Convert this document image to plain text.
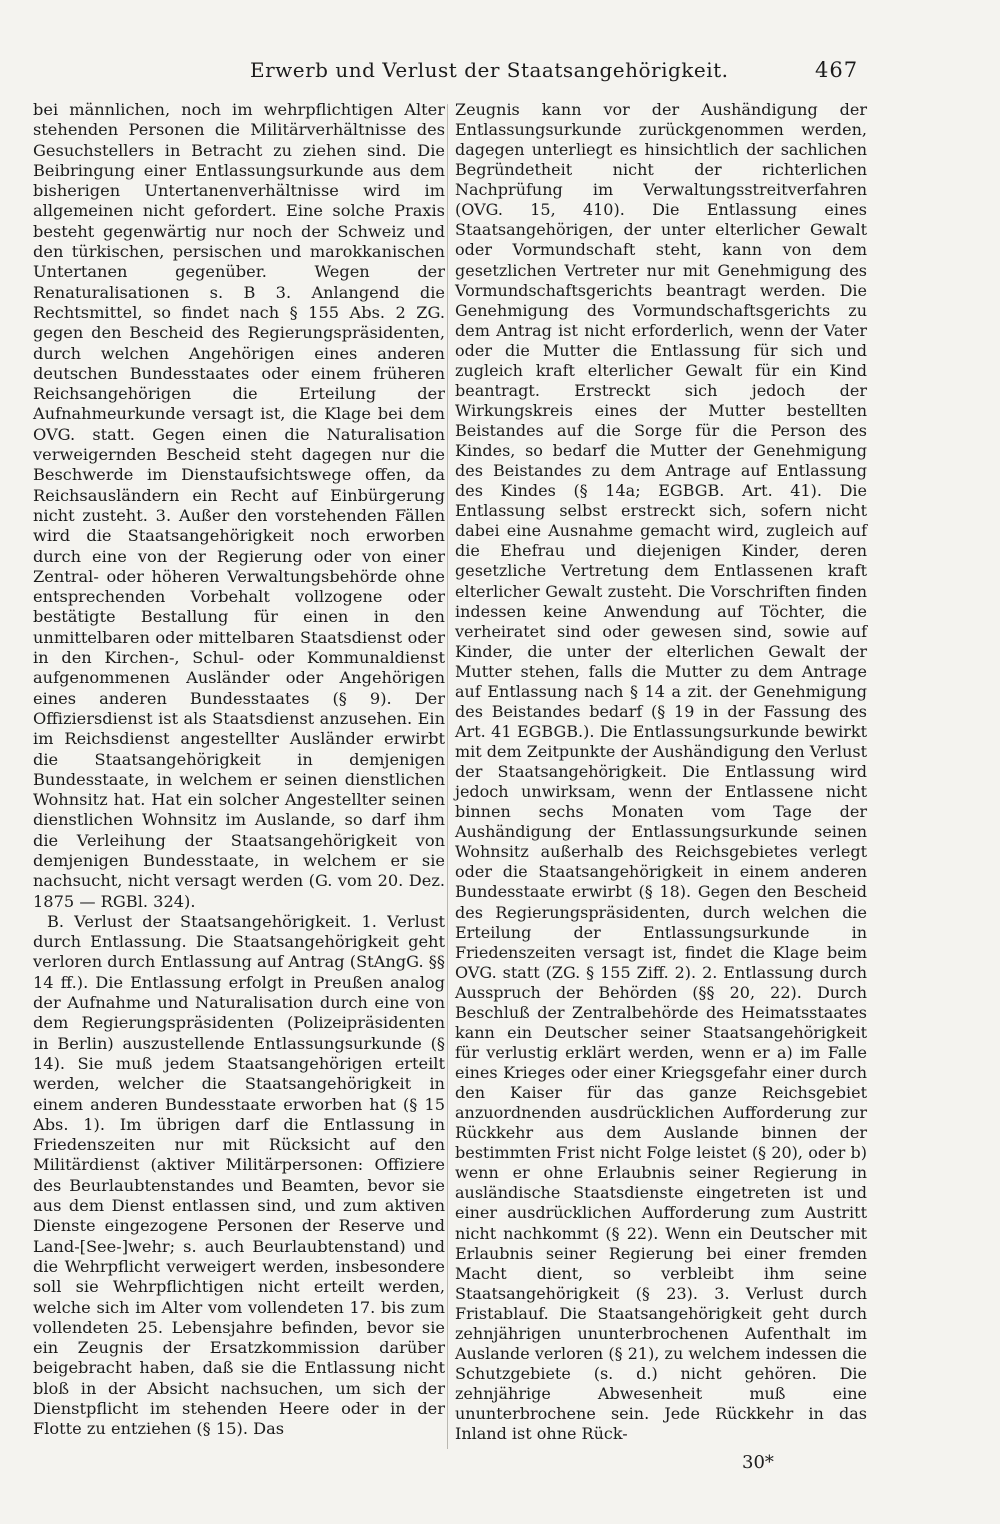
Erwerb und Verlust der Staatsangehörigkeit.	467

bei männlichen, noch im wehrpflichtigen Alter stehenden Personen die Militärverhältnisse des Gesuchstellers in Betracht zu ziehen sind. Die Beibringung einer Entlassungsurkunde aus dem bisherigen Untertanenverhältnisse wird im allgemeinen nicht gefordert. Eine solche Praxis besteht gegenwärtig nur noch der Schweiz und den türkischen, persischen und marokkanischen Untertanen gegenüber. Wegen der Renaturalisationen s. B 3. Anlangend die Rechtsmittel, so findet nach § 155 Abs. 2 ZG. gegen den Bescheid des Regierungspräsidenten, durch welchen Angehörigen eines anderen deutschen Bundesstaates oder einem früheren Reichsangehörigen die Erteilung der Aufnahmeurkunde versagt ist, die Klage bei dem OVG. statt. Gegen einen die Naturalisation verweigernden Bescheid steht dagegen nur die Beschwerde im Dienstaufsichtswege offen, da Reichsausländern ein Recht auf Einbürgerung nicht zusteht. 3. Außer den vorstehenden Fällen wird die Staatsangehörigkeit noch erworben durch eine von der Regierung oder von einer Zentral- oder höheren Verwaltungsbehörde ohne entsprechenden Vorbehalt vollzogene oder bestätigte Bestallung für einen in den unmittelbaren oder mittelbaren Staatsdienst oder in den Kirchen-, Schul- oder Kommunaldienst aufgenommenen Ausländer oder Angehörigen eines anderen Bundesstaates (§ 9). Der Offiziersdienst ist als Staatsdienst anzusehen. Ein im Reichsdienst angestellter Ausländer erwirbt die Staatsangehörigkeit in demjenigen Bundesstaate, in welchem er seinen dienstlichen Wohnsitz hat. Hat ein solcher Angestellter seinen dienstlichen Wohnsitz im Auslande, so darf ihm die Verleihung der Staatsangehörigkeit von demjenigen Bundesstaate, in welchem er sie nachsucht, nicht versagt werden (G. vom 20. Dez. 1875 — RGBl. 324).

B. Verlust der Staatsangehörigkeit. 1. Verlust durch Entlassung. Die Staatsangehörigkeit geht verloren durch Entlassung auf Antrag (StAngG. §§ 14 ff.). Die Entlassung erfolgt in Preußen analog der Aufnahme und Naturalisation durch eine von dem Regierungspräsidenten (Polizeipräsidenten in Berlin) auszustellende Entlassungsurkunde (§ 14). Sie muß jedem Staatsangehörigen erteilt werden, welcher die Staatsangehörigkeit in einem anderen Bundesstaate erworben hat (§ 15 Abs. 1). Im übrigen darf die Entlassung in Friedenszeiten nur mit Rücksicht auf den Militärdienst (aktiver Militärpersonen: Offiziere des Beurlaubtenstandes und Beamten, bevor sie aus dem Dienst entlassen sind, und zum aktiven Dienste eingezogene Personen der Reserve und Land-[See-]wehr; s. auch Beurlaubtenstand) und die Wehrpflicht verweigert werden, insbesondere soll sie Wehrpflichtigen nicht erteilt werden, welche sich im Alter vom vollendeten 17. bis zum vollendeten 25. Lebensjahre befinden, bevor sie ein Zeugnis der Ersatzkommission darüber beigebracht haben, daß sie die Entlassung nicht bloß in der Absicht nachsuchen, um sich der Dienstpflicht im stehenden Heere oder in der Flotte zu entziehen (§ 15). Das

Zeugnis kann vor der Aushändigung der Entlassungsurkunde zurückgenommen werden, dagegen unterliegt es hinsichtlich der sachlichen Begründetheit nicht der richterlichen Nachprüfung im Verwaltungsstreitverfahren (OVG. 15, 410). Die Entlassung eines Staatsangehörigen, der unter elterlicher Gewalt oder Vormundschaft steht, kann von dem gesetzlichen Vertreter nur mit Genehmigung des Vormundschaftsgerichts beantragt werden. Die Genehmigung des Vormundschaftsgerichts zu dem Antrag ist nicht erforderlich, wenn der Vater oder die Mutter die Entlassung für sich und zugleich kraft elterlicher Gewalt für ein Kind beantragt. Erstreckt sich jedoch der Wirkungskreis eines der Mutter bestellten Beistandes auf die Sorge für die Person des Kindes, so bedarf die Mutter der Genehmigung des Beistandes zu dem Antrage auf Entlassung des Kindes (§ 14a; EGBGB. Art. 41). Die Entlassung selbst erstreckt sich, sofern nicht dabei eine Ausnahme gemacht wird, zugleich auf die Ehefrau und diejenigen Kinder, deren gesetzliche Vertretung dem Entlassenen kraft elterlicher Gewalt zusteht. Die Vorschriften finden indessen keine Anwendung auf Töchter, die verheiratet sind oder gewesen sind, sowie auf Kinder, die unter der elterlichen Gewalt der Mutter stehen, falls die Mutter zu dem Antrage auf Entlassung nach § 14 a zit. der Genehmigung des Beistandes bedarf (§ 19 in der Fassung des Art. 41 EGBGB.). Die Entlassungsurkunde bewirkt mit dem Zeitpunkte der Aushändigung den Verlust der Staatsangehörigkeit. Die Entlassung wird jedoch unwirksam, wenn der Entlassene nicht binnen sechs Monaten vom Tage der Aushändigung der Entlassungsurkunde seinen Wohnsitz außerhalb des Reichsgebietes verlegt oder die Staatsangehörigkeit in einem anderen Bundesstaate erwirbt (§ 18). Gegen den Bescheid des Regierungspräsidenten, durch welchen die Erteilung der Entlassungsurkunde in Friedenszeiten versagt ist, findet die Klage beim OVG. statt (ZG. § 155 Ziff. 2). 2. Entlassung durch Ausspruch der Behörden (§§ 20, 22). Durch Beschluß der Zentralbehörde des Heimatsstaates kann ein Deutscher seiner Staatsangehörigkeit für verlustig erklärt werden, wenn er a) im Falle eines Krieges oder einer Kriegsgefahr einer durch den Kaiser für das ganze Reichsgebiet anzuordnenden ausdrücklichen Aufforderung zur Rückkehr aus dem Auslande binnen der bestimmten Frist nicht Folge leistet (§ 20), oder b) wenn er ohne Erlaubnis seiner Regierung in ausländische Staatsdienste eingetreten ist und einer ausdrücklichen Aufforderung zum Austritt nicht nachkommt (§ 22). Wenn ein Deutscher mit Erlaubnis seiner Regierung bei einer fremden Macht dient, so verbleibt ihm seine Staatsangehörigkeit (§ 23). 3. Verlust durch Fristablauf. Die Staatsangehörigkeit geht durch zehnjährigen ununterbrochenen Aufenthalt im Auslande verloren (§ 21), zu welchem indessen die Schutzgebiete (s. d.) nicht gehören. Die zehnjährige Abwesenheit muß eine ununterbrochene sein. Jede Rückkehr in das Inland ist ohne Rück-

30*
